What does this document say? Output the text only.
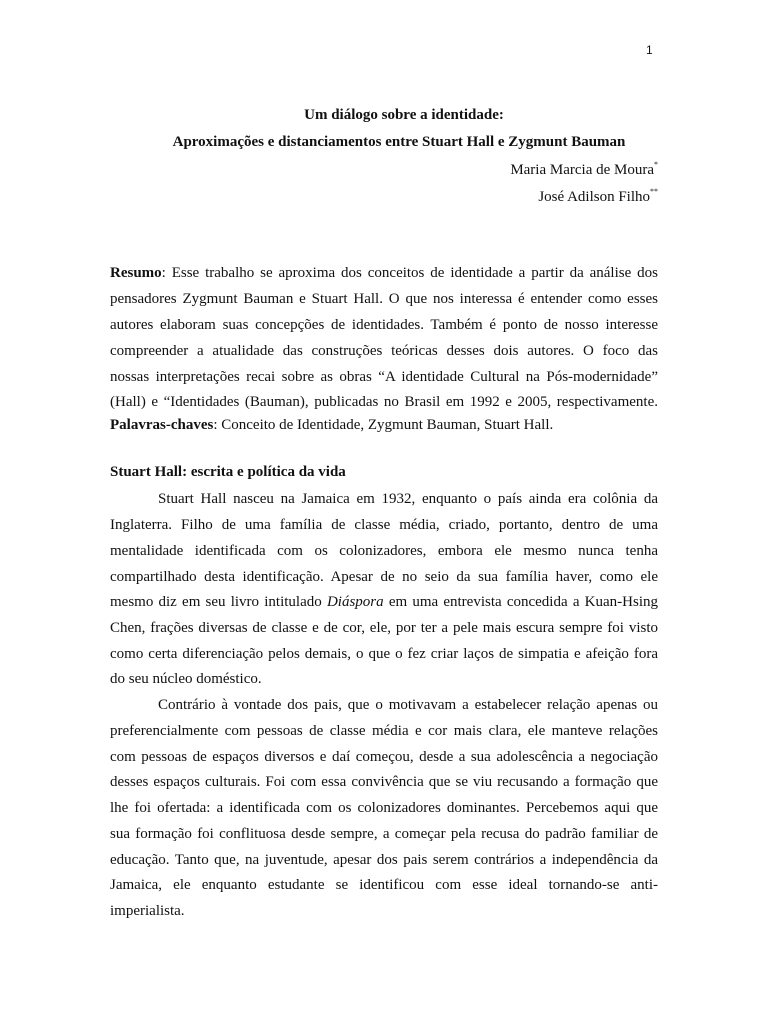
1
Um diálogo sobre a identidade:
Aproximações e distanciamentos entre Stuart Hall e Zygmunt Bauman
Maria Marcia de Moura*
José Adilson Filho**
Resumo: Esse trabalho se aproxima dos conceitos de identidade a partir da análise dos
pensadores Zygmunt Bauman e Stuart Hall. O que nos interessa é entender como esses
autores elaboram suas concepções de identidades. Também é ponto de nosso interesse
compreender a atualidade das construções teóricas desses dois autores. O foco das
nossas interpretações recai sobre as obras “A identidade Cultural na Pós-modernidade”
(Hall) e “Identidades (Bauman), publicadas no Brasil em 1992 e 2005, respectivamente.
Palavras-chaves: Conceito de Identidade, Zygmunt Bauman, Stuart Hall.
Stuart Hall: escrita e política da vida
Stuart Hall nasceu na Jamaica em 1932, enquanto o país ainda era colônia da
Inglaterra. Filho de uma família de classe média, criado, portanto, dentro de uma
mentalidade identificada com os colonizadores, embora ele mesmo nunca tenha
compartilhado desta identificação. Apesar de no seio da sua família haver, como ele
mesmo diz em seu livro intitulado Diáspora em uma entrevista concedida a Kuan-Hsing
Chen, frações diversas de classe e de cor, ele, por ter a pele mais escura sempre foi visto
como certa diferenciação pelos demais, o que o fez criar laços de simpatia e afeição fora
do seu núcleo doméstico.
Contrário à vontade dos pais, que o motivavam a estabelecer relação apenas ou
preferencialmente com pessoas de classe média e cor mais clara, ele manteve relações
com pessoas de espaços diversos e daí começou, desde a sua adolescência a negociação
desses espaços culturais. Foi com essa convivência que se viu recusando a formação que
lhe foi ofertada: a identificada com os colonizadores dominantes. Percebemos aqui que
sua formação foi conflituosa desde sempre, a começar pela recusa do padrão familiar de
educação. Tanto que, na juventude, apesar dos pais serem contrários a independência da
Jamaica, ele enquanto estudante se identificou com esse ideal tornando-se anti-
imperialista.
